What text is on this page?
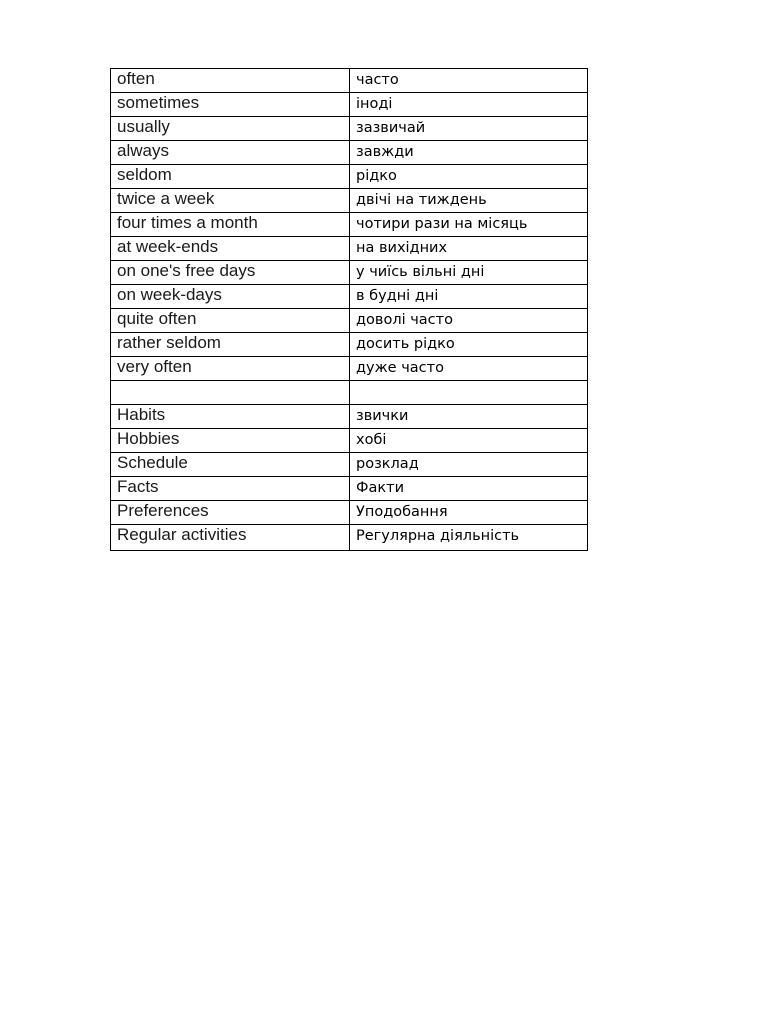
often	часто
sometimes	іноді
usually	зазвичай
always	завжди
seldom	рідко
twice a week	двічі на тиждень
four times a month	чотири рази на місяць
at week-ends	на вихідних
on one's free days	у чиїсь вільні дні
on week-days	в будні дні
quite often	доволі часто
rather seldom	досить рідко
very often	дуже часто

Habits	звички
Hobbies	хобі
Schedule	розклад
Facts	Факти
Preferences	Уподобання
Regular activities	Регулярна діяльність
